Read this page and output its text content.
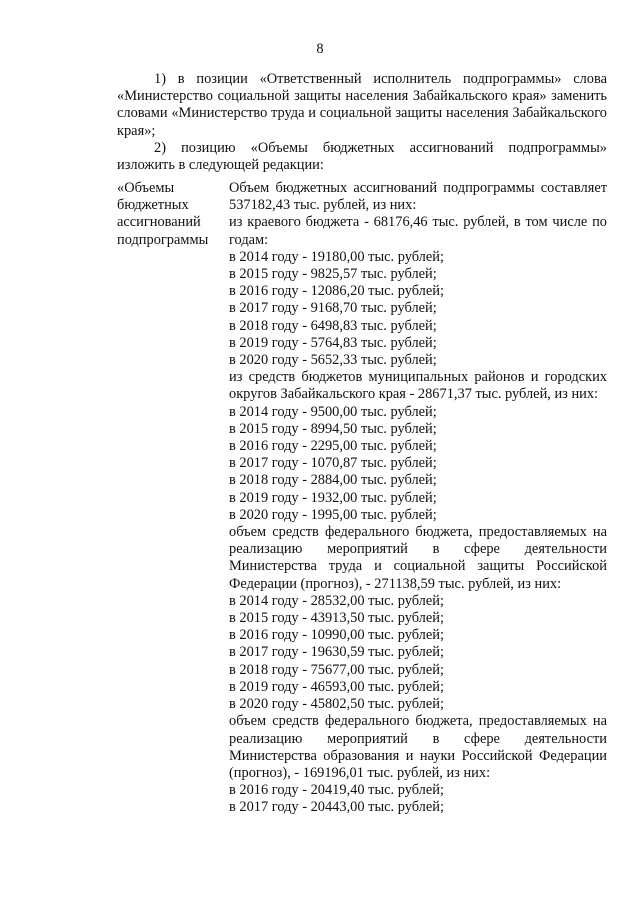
8

1) в позиции «Ответственный исполнитель подпрограммы» слова «Министерство социальной защиты населения Забайкальского края» заменить словами «Министерство труда и социальной защиты населения Забайкальского края»;

2) позицию «Объемы бюджетных ассигнований подпрограммы» изложить в следующей редакции:

«Объемы
бюджетных
ассигнований
подпрограммы
Объем бюджетных ассигнований подпрограммы составляет 537182,43 тыс. рублей, из них:
из краевого бюджета - 68176,46 тыс. рублей, в том числе по годам:
в 2014 году - 19180,00 тыс. рублей;
в 2015 году - 9825,57 тыс. рублей;
в 2016 году - 12086,20 тыс. рублей;
в 2017 году - 9168,70 тыс. рублей;
в 2018 году - 6498,83 тыс. рублей;
в 2019 году - 5764,83 тыс. рублей;
в 2020 году - 5652,33 тыс. рублей;
из средств бюджетов муниципальных районов и городских округов Забайкальского края - 28671,37 тыс. рублей, из них:
в 2014 году - 9500,00 тыс. рублей;
в 2015 году - 8994,50 тыс. рублей;
в 2016 году - 2295,00 тыс. рублей;
в 2017 году - 1070,87 тыс. рублей;
в 2018 году - 2884,00 тыс. рублей;
в 2019 году - 1932,00 тыс. рублей;
в 2020 году - 1995,00 тыс. рублей;
объем средств федерального бюджета, предоставляемых на реализацию мероприятий в сфере деятельности Министерства труда и социальной защиты Российской Федерации (прогноз), - 271138,59 тыс. рублей, из них:
в 2014 году - 28532,00 тыс. рублей;
в 2015 году - 43913,50 тыс. рублей;
в 2016 году - 10990,00 тыс. рублей;
в 2017 году - 19630,59 тыс. рублей;
в 2018 году - 75677,00 тыс. рублей;
в 2019 году - 46593,00 тыс. рублей;
в 2020 году - 45802,50 тыс. рублей;
объем средств федерального бюджета, предоставляемых на реализацию мероприятий в сфере деятельности Министерства образования и науки Российской Федерации (прогноз), - 169196,01 тыс. рублей, из них:
в 2016 году - 20419,40 тыс. рублей;
в 2017 году - 20443,00 тыс. рублей;
